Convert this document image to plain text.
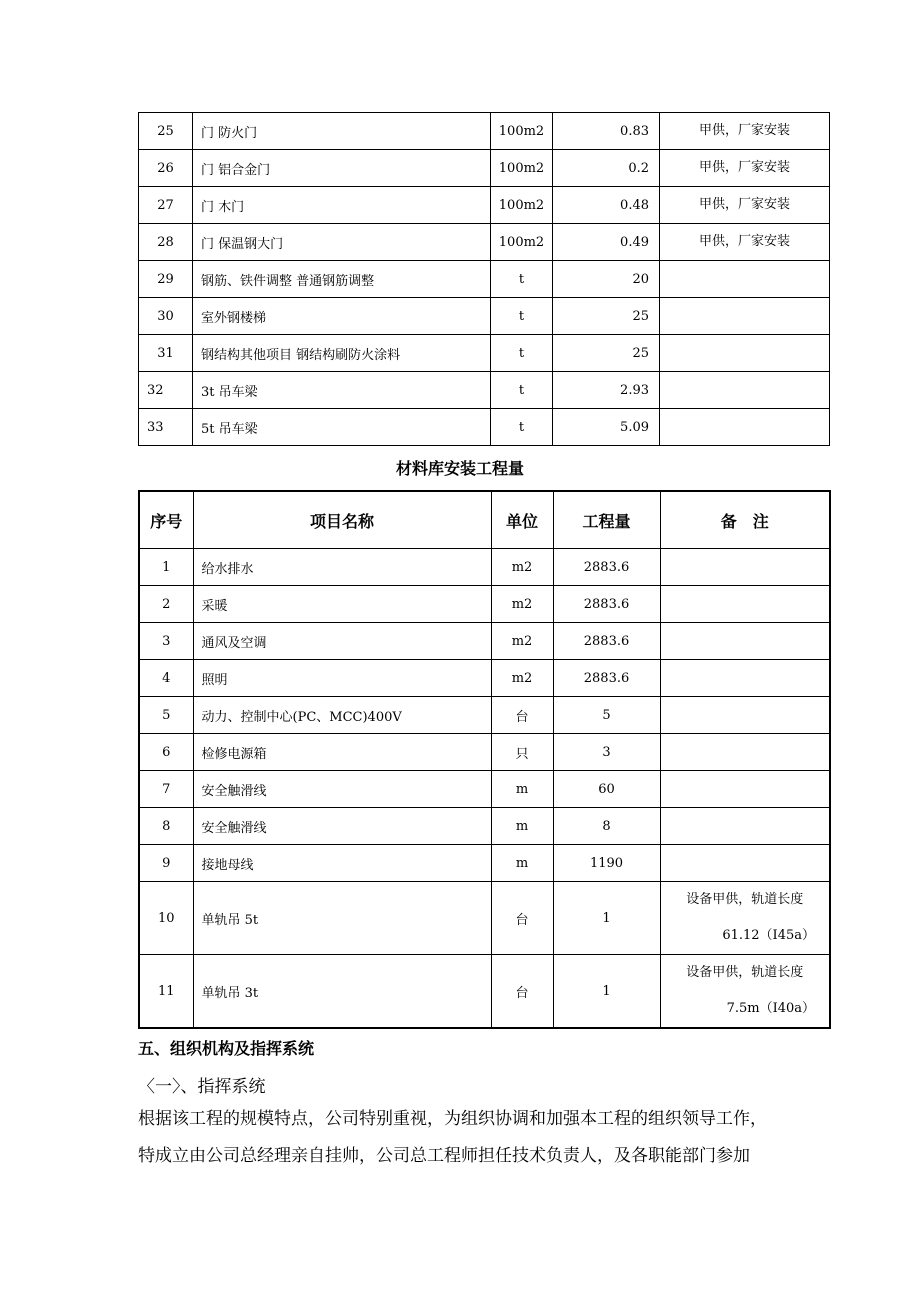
25	门 防火门	100m2	0.83	甲供，厂家安装
26	门 铝合金门	100m2	0.2	甲供，厂家安装
27	门 木门	100m2	0.48	甲供，厂家安装
28	门 保温钢大门	100m2	0.49	甲供，厂家安装
29	钢筋、铁件调整 普通钢筋调整	t	20	
30	室外钢楼梯	t	25	
31	钢结构其他项目 钢结构刷防火涂料	t	25	
32	3t 吊车梁	t	2.93	
33	5t 吊车梁	t	5.09	
材料库安装工程量
序号	项目名称	单位	工程量	备　注
1	给水排水	m2	2883.6	
2	采暖	m2	2883.6	
3	通风及空调	m2	2883.6	
4	照明	m2	2883.6	
5	动力、控制中心(PC、MCC)400V	台	5	
6	检修电源箱	只	3	
7	安全触滑线	m	60	
8	安全触滑线	m	8	
9	接地母线	m	1190	
10	单轨吊 5t	台	1	设备甲供，轨道长度
61.12（I45a）

11	单轨吊 3t	台	1	设备甲供，轨道长度
7.5m（I40a）
五、组织机构及指挥系统
〈一〉、指挥系统

根据该工程的规模特点，公司特别重视，为组织协调和加强本工程的组织领导工作，

特成立由公司总经理亲自挂帅，公司总工程师担任技术负责人，及各职能部门参加
